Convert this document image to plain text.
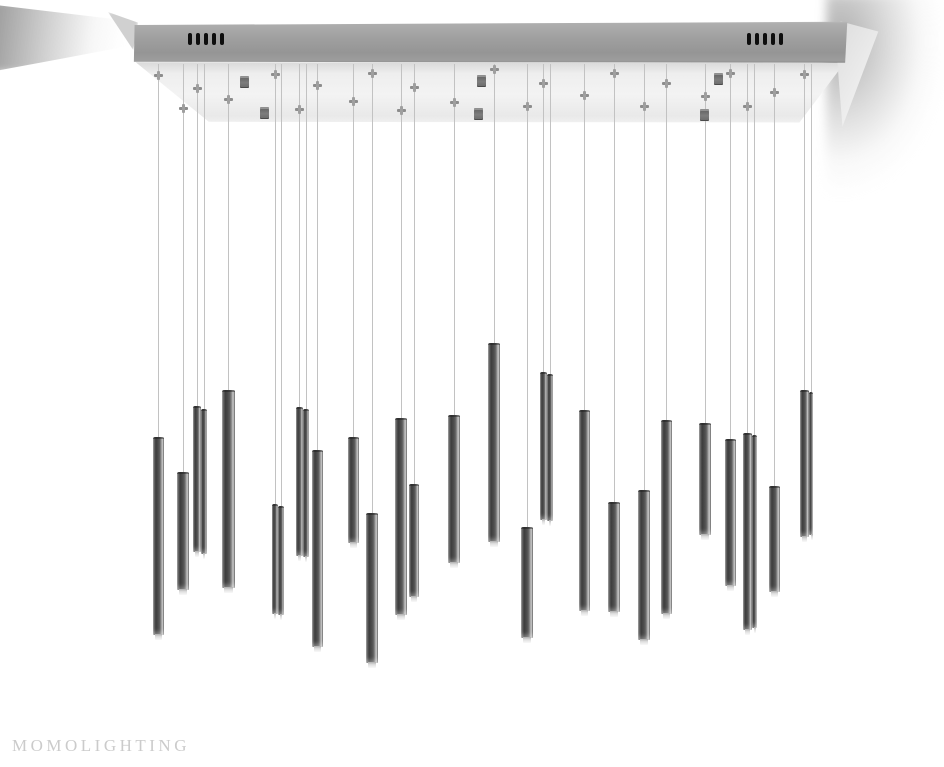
MOMOLIGHTING
